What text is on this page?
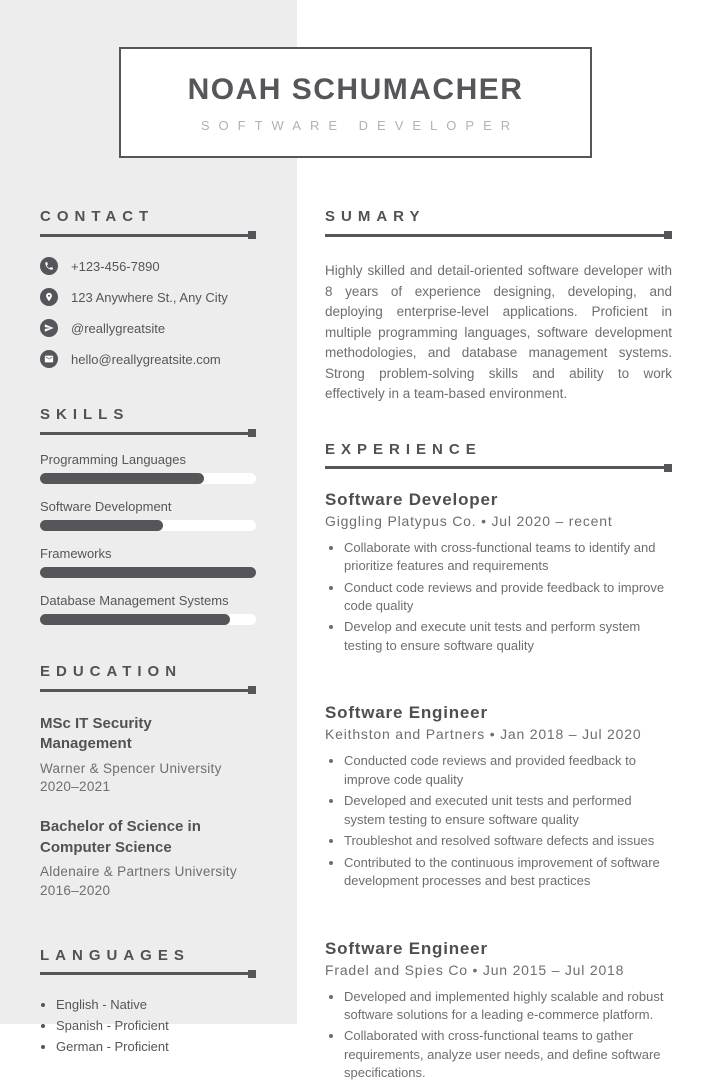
NOAH SCHUMACHER
SOFTWARE DEVELOPER
CONTACT
+123-456-7890
123 Anywhere St., Any City
@reallygreatsite
hello@reallygreatsite.com
SKILLS
Programming Languages
Software Development
Frameworks
Database Management Systems
EDUCATION
MSc IT Security Management
Warner & Spencer University
2020–2021
Bachelor of Science in Computer Science
Aldenaire & Partners University
2016–2020
LANGUAGES
• English - Native
• Spanish - Proficient
• German - Proficient
SUMARY

Highly skilled and detail-oriented software developer with 8 years of experience designing, developing, and deploying enterprise-level applications. Proficient in multiple programming languages, software development methodologies, and database management systems. Strong problem-solving skills and ability to work effectively in a team-based environment.

EXPERIENCE
Software Developer
Giggling Platypus Co. • Jul 2020 – recent
• Collaborate with cross-functional teams to identify and prioritize features and requirements
• Conduct code reviews and provide feedback to improve code quality
• Develop and execute unit tests and perform system testing to ensure software quality
Software Engineer
Keithston and Partners • Jan 2018 – Jul 2020
• Conducted code reviews and provided feedback to improve code quality
• Developed and executed unit tests and performed system testing to ensure software quality
• Troubleshot and resolved software defects and issues
• Contributed to the continuous improvement of software development processes and best practices
Software Engineer
Fradel and Spies Co • Jun 2015 – Jul 2018
• Developed and implemented highly scalable and robust software solutions for a leading e-commerce platform.
• Collaborated with cross-functional teams to gather requirements, analyze user needs, and define software specifications.
